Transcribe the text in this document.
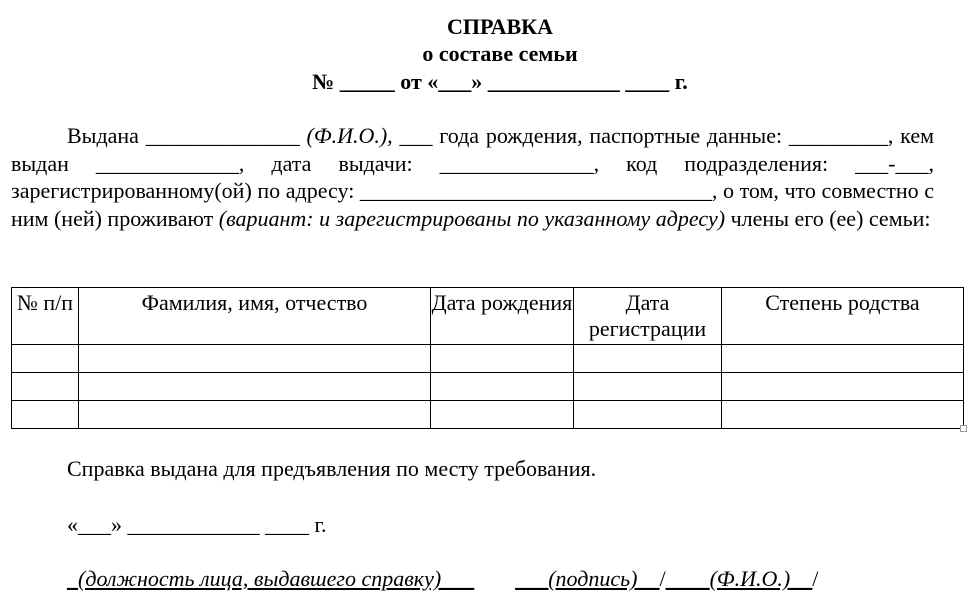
СПРАВКА
о составе семьи
№ _____ от «___» ____________ ____ г.

Выдана ______________ (Ф.И.О.), ___ года рождения, паспортные данные: _________, кем выдан _____________, дата выдачи: ______________, код подразделения: ___-___, зарегистрированному(ой) по адресу: ________________________________, о том, что совместно с ним (ней) проживают (вариант: и зарегистрированы по указанному адресу) члены его (ее) семьи:

№ п/п	Фамилия, имя, отчество	Дата рождения	Дата регистрации	Степень родства

Справка выдана для предъявления по месту требования.
«___» ____________ ____ г.
_(должность лица, выдавшего справку)___ ___(подпись)__/____(Ф.И.О.)__/
